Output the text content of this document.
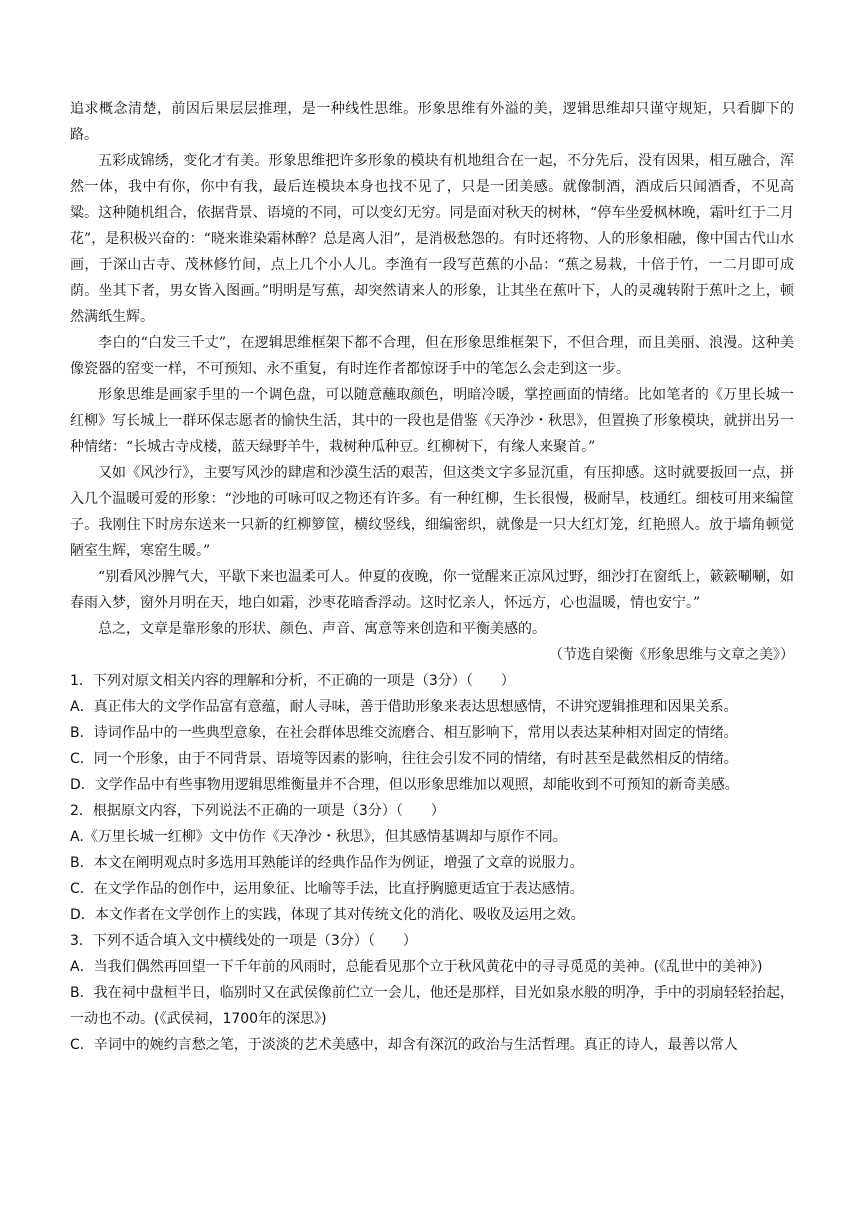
追求概念清楚，前因后果层层推理，是一种线性思维。形象思维有外溢的美，逻辑思维却只谨守规矩，只看脚下的路。

五彩成锦绣，变化才有美。形象思维把许多形象的模块有机地组合在一起，不分先后，没有因果，相互融合，浑然一体，我中有你，你中有我，最后连模块本身也找不见了，只是一团美感。就像制酒，酒成后只闻酒香，不见高粱。这种随机组合，依据背景、语境的不同，可以变幻无穷。同是面对秋天的树林，“停车坐爱枫林晚，霜叶红于二月花”，是积极兴奋的：“晓来谁染霜林醉？总是离人泪”，是消极愁怨的。有时还将物、人的形象相融，像中国古代山水画，于深山古寺、茂林修竹间，点上几个小人儿。李渔有一段写芭蕉的小品：“蕉之易栽，十倍于竹，一二月即可成荫。坐其下者，男女皆入图画。”明明是写蕉，却突然请来人的形象，让其坐在蕉叶下，人的灵魂转附于蕉叶之上，顿然满纸生辉。

李白的“白发三千丈”，在逻辑思维框架下都不合理，但在形象思维框架下，不但合理，而且美丽、浪漫。这种美像瓷器的窑变一样，不可预知、永不重复，有时连作者都惊讶手中的笔怎么会走到这一步。

形象思维是画家手里的一个调色盘，可以随意蘸取颜色，明暗冷暖，掌控画面的情绪。比如笔者的《万里长城一红柳》写长城上一群环保志愿者的愉快生活，其中的一段也是借鉴《天净沙・秋思》，但置换了形象模块，就拼出另一种情绪：“长城古寺戍楼，蓝天绿野羊牛，栽树种瓜种豆。红柳树下，有缘人来聚首。”

又如《风沙行》，主要写风沙的肆虐和沙漠生活的艰苦，但这类文字多显沉重，有压抑感。这时就要扳回一点，拼入几个温暖可爱的形象：“沙地的可咏可叹之物还有许多。有一种红柳，生长很慢，极耐旱，枝通红。细枝可用来编筐子。我刚住下时房东送来一只新的红柳箩筐，横纹竖线，细编密织，就像是一只大红灯笼，红艳照人。放于墙角顿觉陋室生辉，寒窑生暖。”

“别看风沙脾气大，平歇下来也温柔可人。仲夏的夜晚，你一觉醒来正凉风过野，细沙打在窗纸上，簌簌唰唰，如春雨入梦，窗外月明在天，地白如霜，沙枣花暗香浮动。这时忆亲人，怀远方，心也温暖，情也安宁。”

总之，文章是靠形象的形状、颜色、声音、寓意等来创造和平衡美感的。

（节选自梁衡《形象思维与文章之美》）

1．下列对原文相关内容的理解和分析，不正确的一项是（3分）（　　）

A．真正伟大的文学作品富有意蕴，耐人寻味，善于借助形象来表达思想感情，不讲究逻辑推理和因果关系。

B．诗词作品中的一些典型意象，在社会群体思维交流磨合、相互影响下，常用以表达某种相对固定的情绪。

C．同一个形象，由于不同背景、语境等因素的影响，往往会引发不同的情绪，有时甚至是截然相反的情绪。

D．文学作品中有些事物用逻辑思维衡量并不合理，但以形象思维加以观照，却能收到不可预知的新奇美感。

2．根据原文内容，下列说法不正确的一项是（3分）（　　）

A.《万里长城一红柳》文中仿作《天净沙・秋思》，但其感情基调却与原作不同。

B．本文在阐明观点时多选用耳熟能详的经典作品作为例证，增强了文章的说服力。

C．在文学作品的创作中，运用象征、比喻等手法，比直抒胸臆更适宜于表达感情。

D．本文作者在文学创作上的实践，体现了其对传统文化的消化、吸收及运用之效。

3．下列不适合填入文中横线处的一项是（3分）（　　）

A．当我们偶然再回望一下千年前的风雨时，总能看见那个立于秋风黄花中的寻寻觅觅的美神。(《乱世中的美神》)

B．我在祠中盘桓半日，临别时又在武侯像前伫立一会儿，他还是那样，目光如泉水般的明净，手中的羽扇轻轻抬起，一动也不动。(《武侯祠，1700年的深思》)

C．辛词中的婉约言愁之笔，于淡淡的艺术美感中，却含有深沉的政治与生活哲理。真正的诗人，最善以常人
